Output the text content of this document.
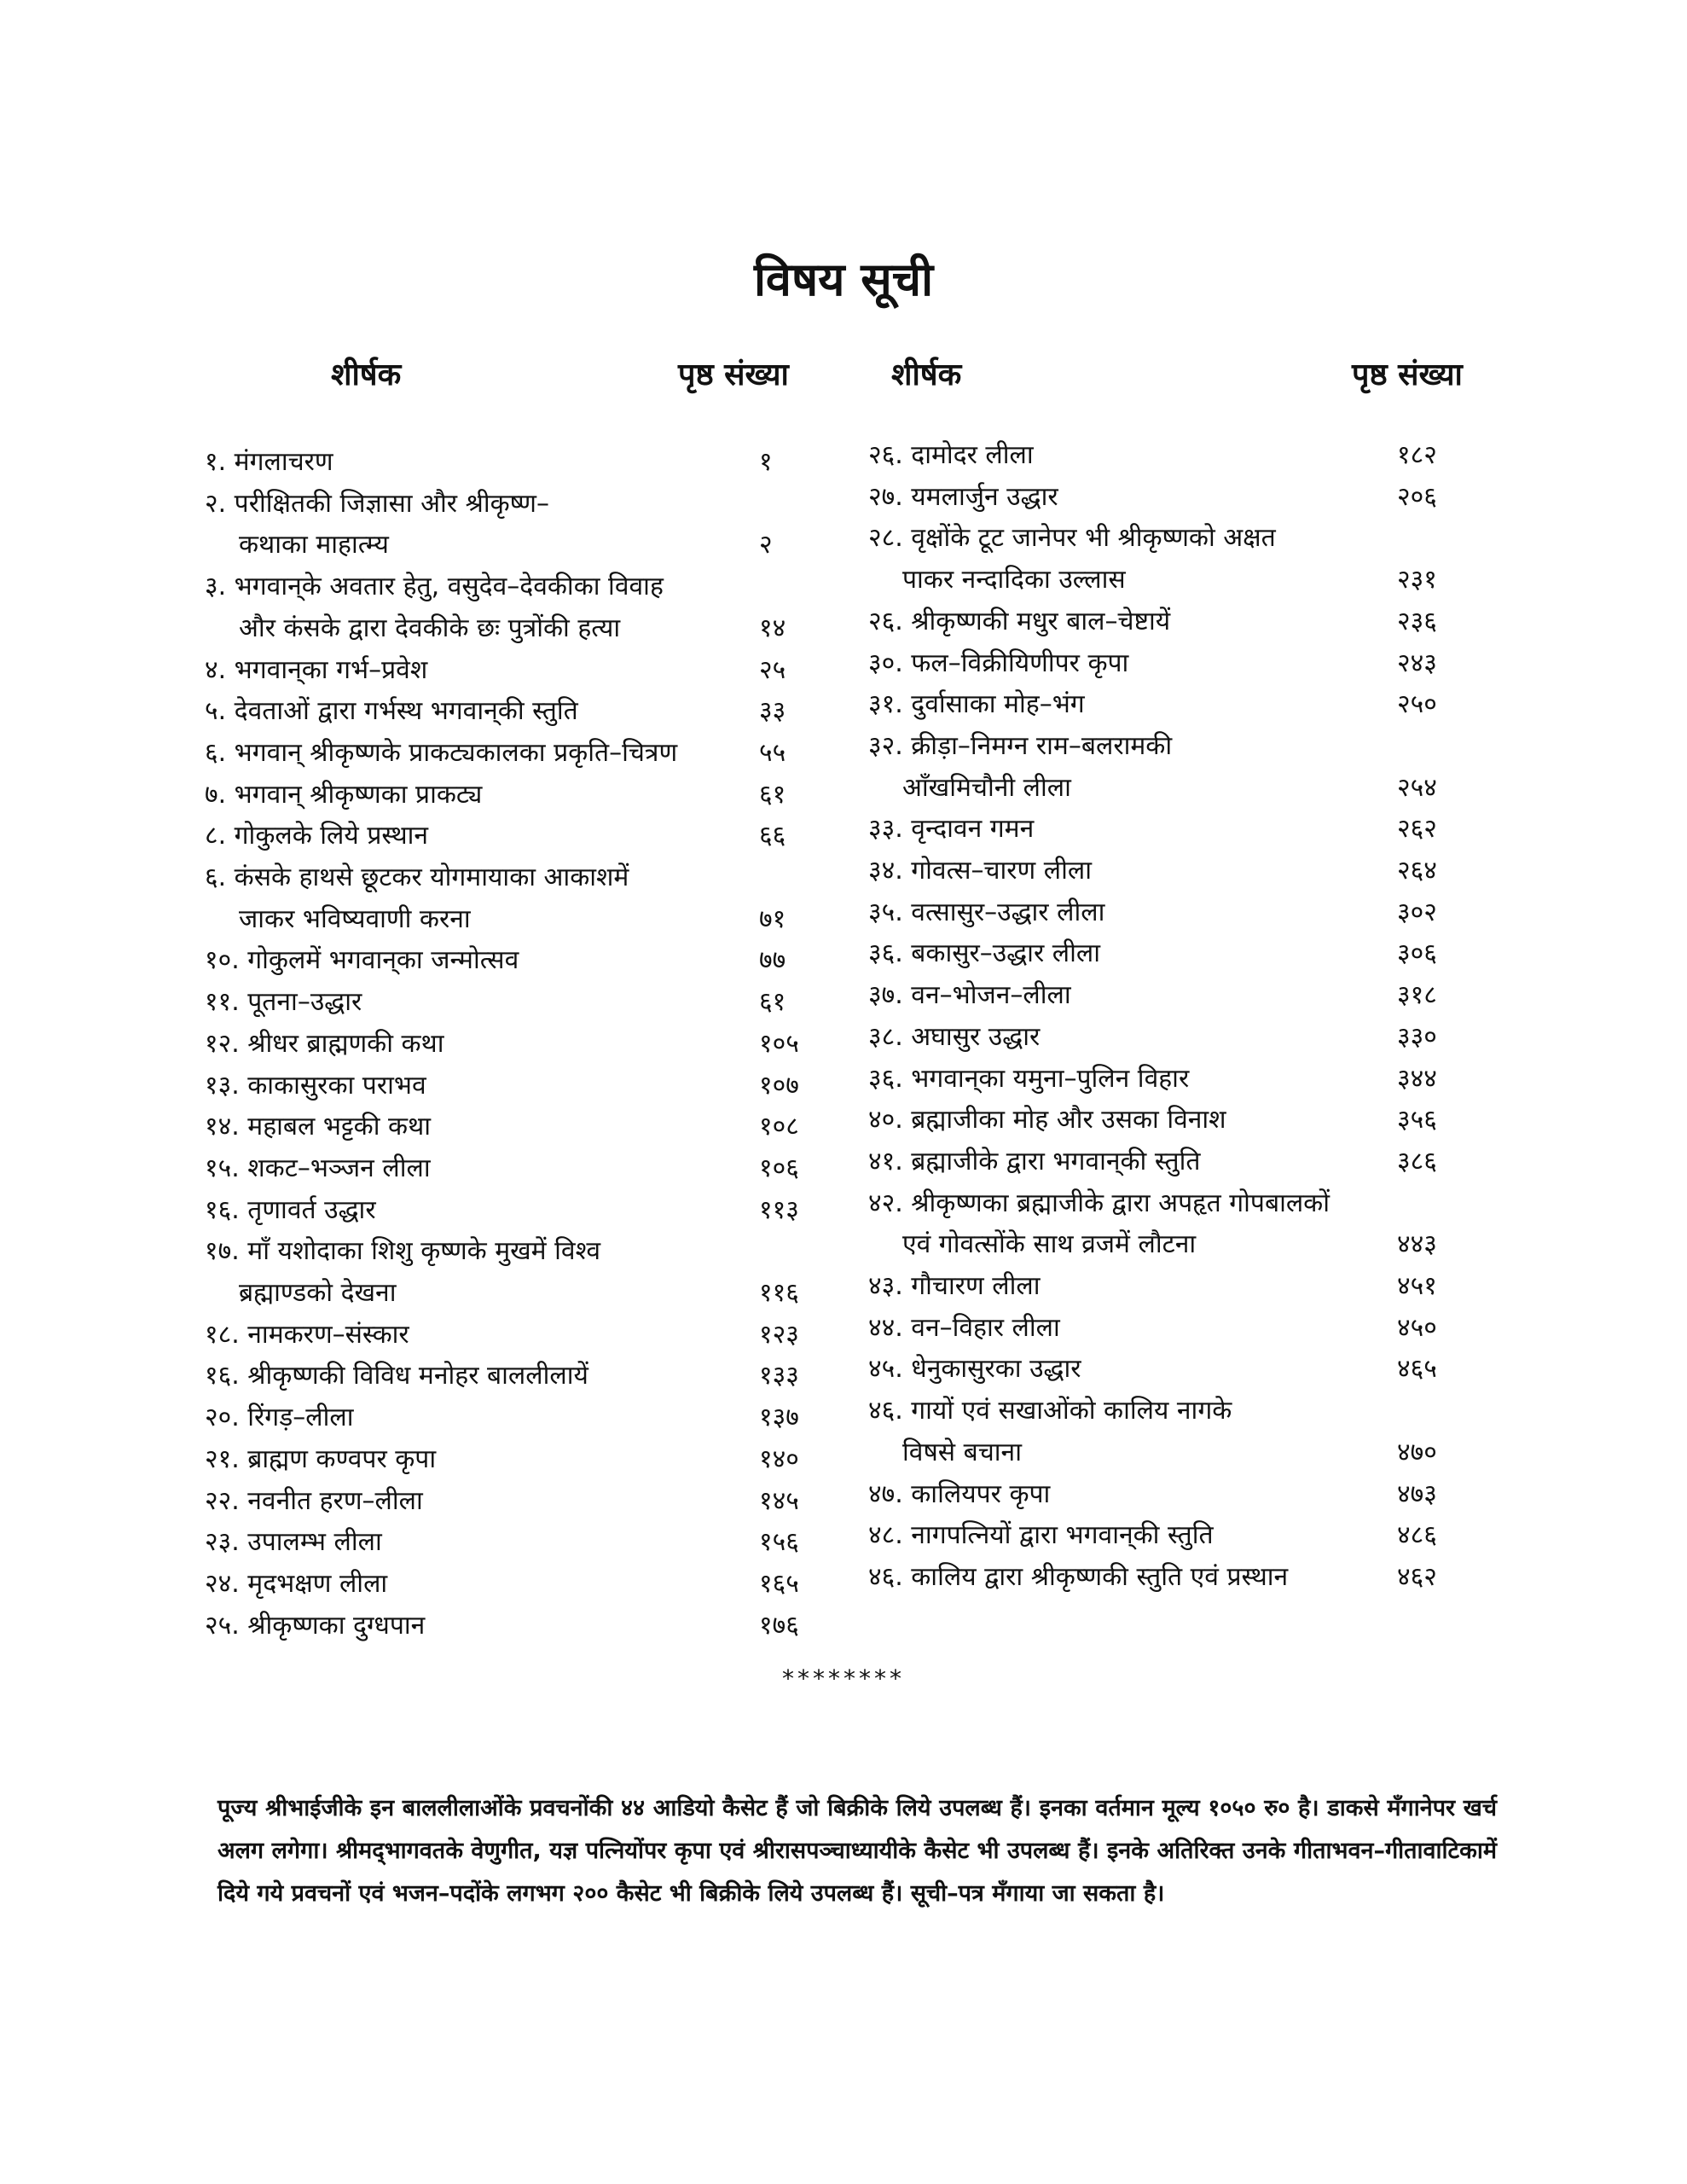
विषय सूची
शीर्षक	पृष्ठ संख्या	शीर्षक	पृष्ठ संख्या
१. मंगलाचरण	१
२. परीक्षितकी जिज्ञासा और श्रीकृष्ण–
कथाका माहात्म्य	२
३. भगवान्‌के अवतार हेतु, वसुदेव–देवकीका विवाह
और कंसके द्वारा देवकीके छः पुत्रोंकी हत्या	१४
४. भगवान्‌का गर्भ–प्रवेश	२५
५. देवताओं द्वारा गर्भस्थ भगवान्‌की स्तुति	३३
६. भगवान् श्रीकृष्णके प्राकट्यकालका प्रकृति–चित्रण	५५
७. भगवान् श्रीकृष्णका प्राकट्य	६१
८. गोकुलके लिये प्रस्थान	६६
६. कंसके हाथसे छूटकर योगमायाका आकाशमें
जाकर भविष्यवाणी करना	७१
१०. गोकुलमें भगवान्‌का जन्मोत्सव	७७
११. पूतना–उद्धार	६१
१२. श्रीधर ब्राह्मणकी कथा	१०५
१३. काकासुरका पराभव	१०७
१४. महाबल भट्टकी कथा	१०८
१५. शकट–भञ्जन लीला	१०६
१६. तृणावर्त उद्धार	११३
१७. माँ यशोदाका शिशु कृष्णके मुखमें विश्व
ब्रह्माण्डको देखना	११६
१८. नामकरण–संस्कार	१२३
१६. श्रीकृष्णकी विविध मनोहर बाललीलायें	१३३
२०. रिंगड़–लीला	१३७
२१. ब्राह्मण कण्वपर कृपा	१४०
२२. नवनीत हरण–लीला	१४५
२३. उपालम्भ लीला	१५६
२४. मृदभक्षण लीला	१६५
२५. श्रीकृष्णका दुग्धपान	१७६
२६. दामोदर लीला	१८२
२७. यमलार्जुन उद्धार	२०६
२८. वृक्षोंके टूट जानेपर भी श्रीकृष्णको अक्षत
पाकर नन्दादिका उल्लास	२३१
२६. श्रीकृष्णकी मधुर बाल–चेष्टायें	२३६
३०. फल–विक्रीयिणीपर कृपा	२४३
३१. दुर्वासाका मोह–भंग	२५०
३२. क्रीड़ा–निमग्न राम–बलरामकी
आँखमिचौनी लीला	२५४
३३. वृन्दावन गमन	२६२
३४. गोवत्स–चारण लीला	२६४
३५. वत्सासुर–उद्धार लीला	३०२
३६. बकासुर–उद्धार लीला	३०६
३७. वन–भोजन–लीला	३१८
३८. अघासुर उद्धार	३३०
३६. भगवान्‌का यमुना–पुलिन विहार	३४४
४०. ब्रह्माजीका मोह और उसका विनाश	३५६
४१. ब्रह्माजीके द्वारा भगवान्‌की स्तुति	३८६
४२. श्रीकृष्णका ब्रह्माजीके द्वारा अपहृत गोपबालकों
एवं गोवत्सोंके साथ व्रजमें लौटना	४४३
४३. गौचारण लीला	४५१
४४. वन–विहार लीला	४५०
४५. धेनुकासुरका उद्धार	४६५
४६. गायों एवं सखाओंको कालिय नागके
विषसे बचाना	४७०
४७. कालियपर कृपा	४७३
४८. नागपत्नियों द्वारा भगवान्‌की स्तुति	४८६
४६. कालिय द्वारा श्रीकृष्णकी स्तुति एवं प्रस्थान	४६२
********
पूज्य श्रीभाईजीके इन बाललीलाओंके प्रवचनोंकी ४४ आडियो कैसेट हैं जो बिक्रीके लिये उपलब्ध हैं। इनका वर्तमान मूल्य १०५० रु० है। डाकसे मँगानेपर खर्च अलग लगेगा। श्रीमद्‌भागवतके वेणुगीत, यज्ञ पत्नियोंपर कृपा एवं श्रीरासपञ्चाध्यायीके कैसेट भी उपलब्ध हैं। इनके अतिरिक्त उनके गीताभवन–गीतावाटिकामें दिये गये प्रवचनों एवं भजन–पदोंके लगभग २०० कैसेट भी बिक्रीके लिये उपलब्ध हैं। सूची–पत्र मँगाया जा सकता है।
